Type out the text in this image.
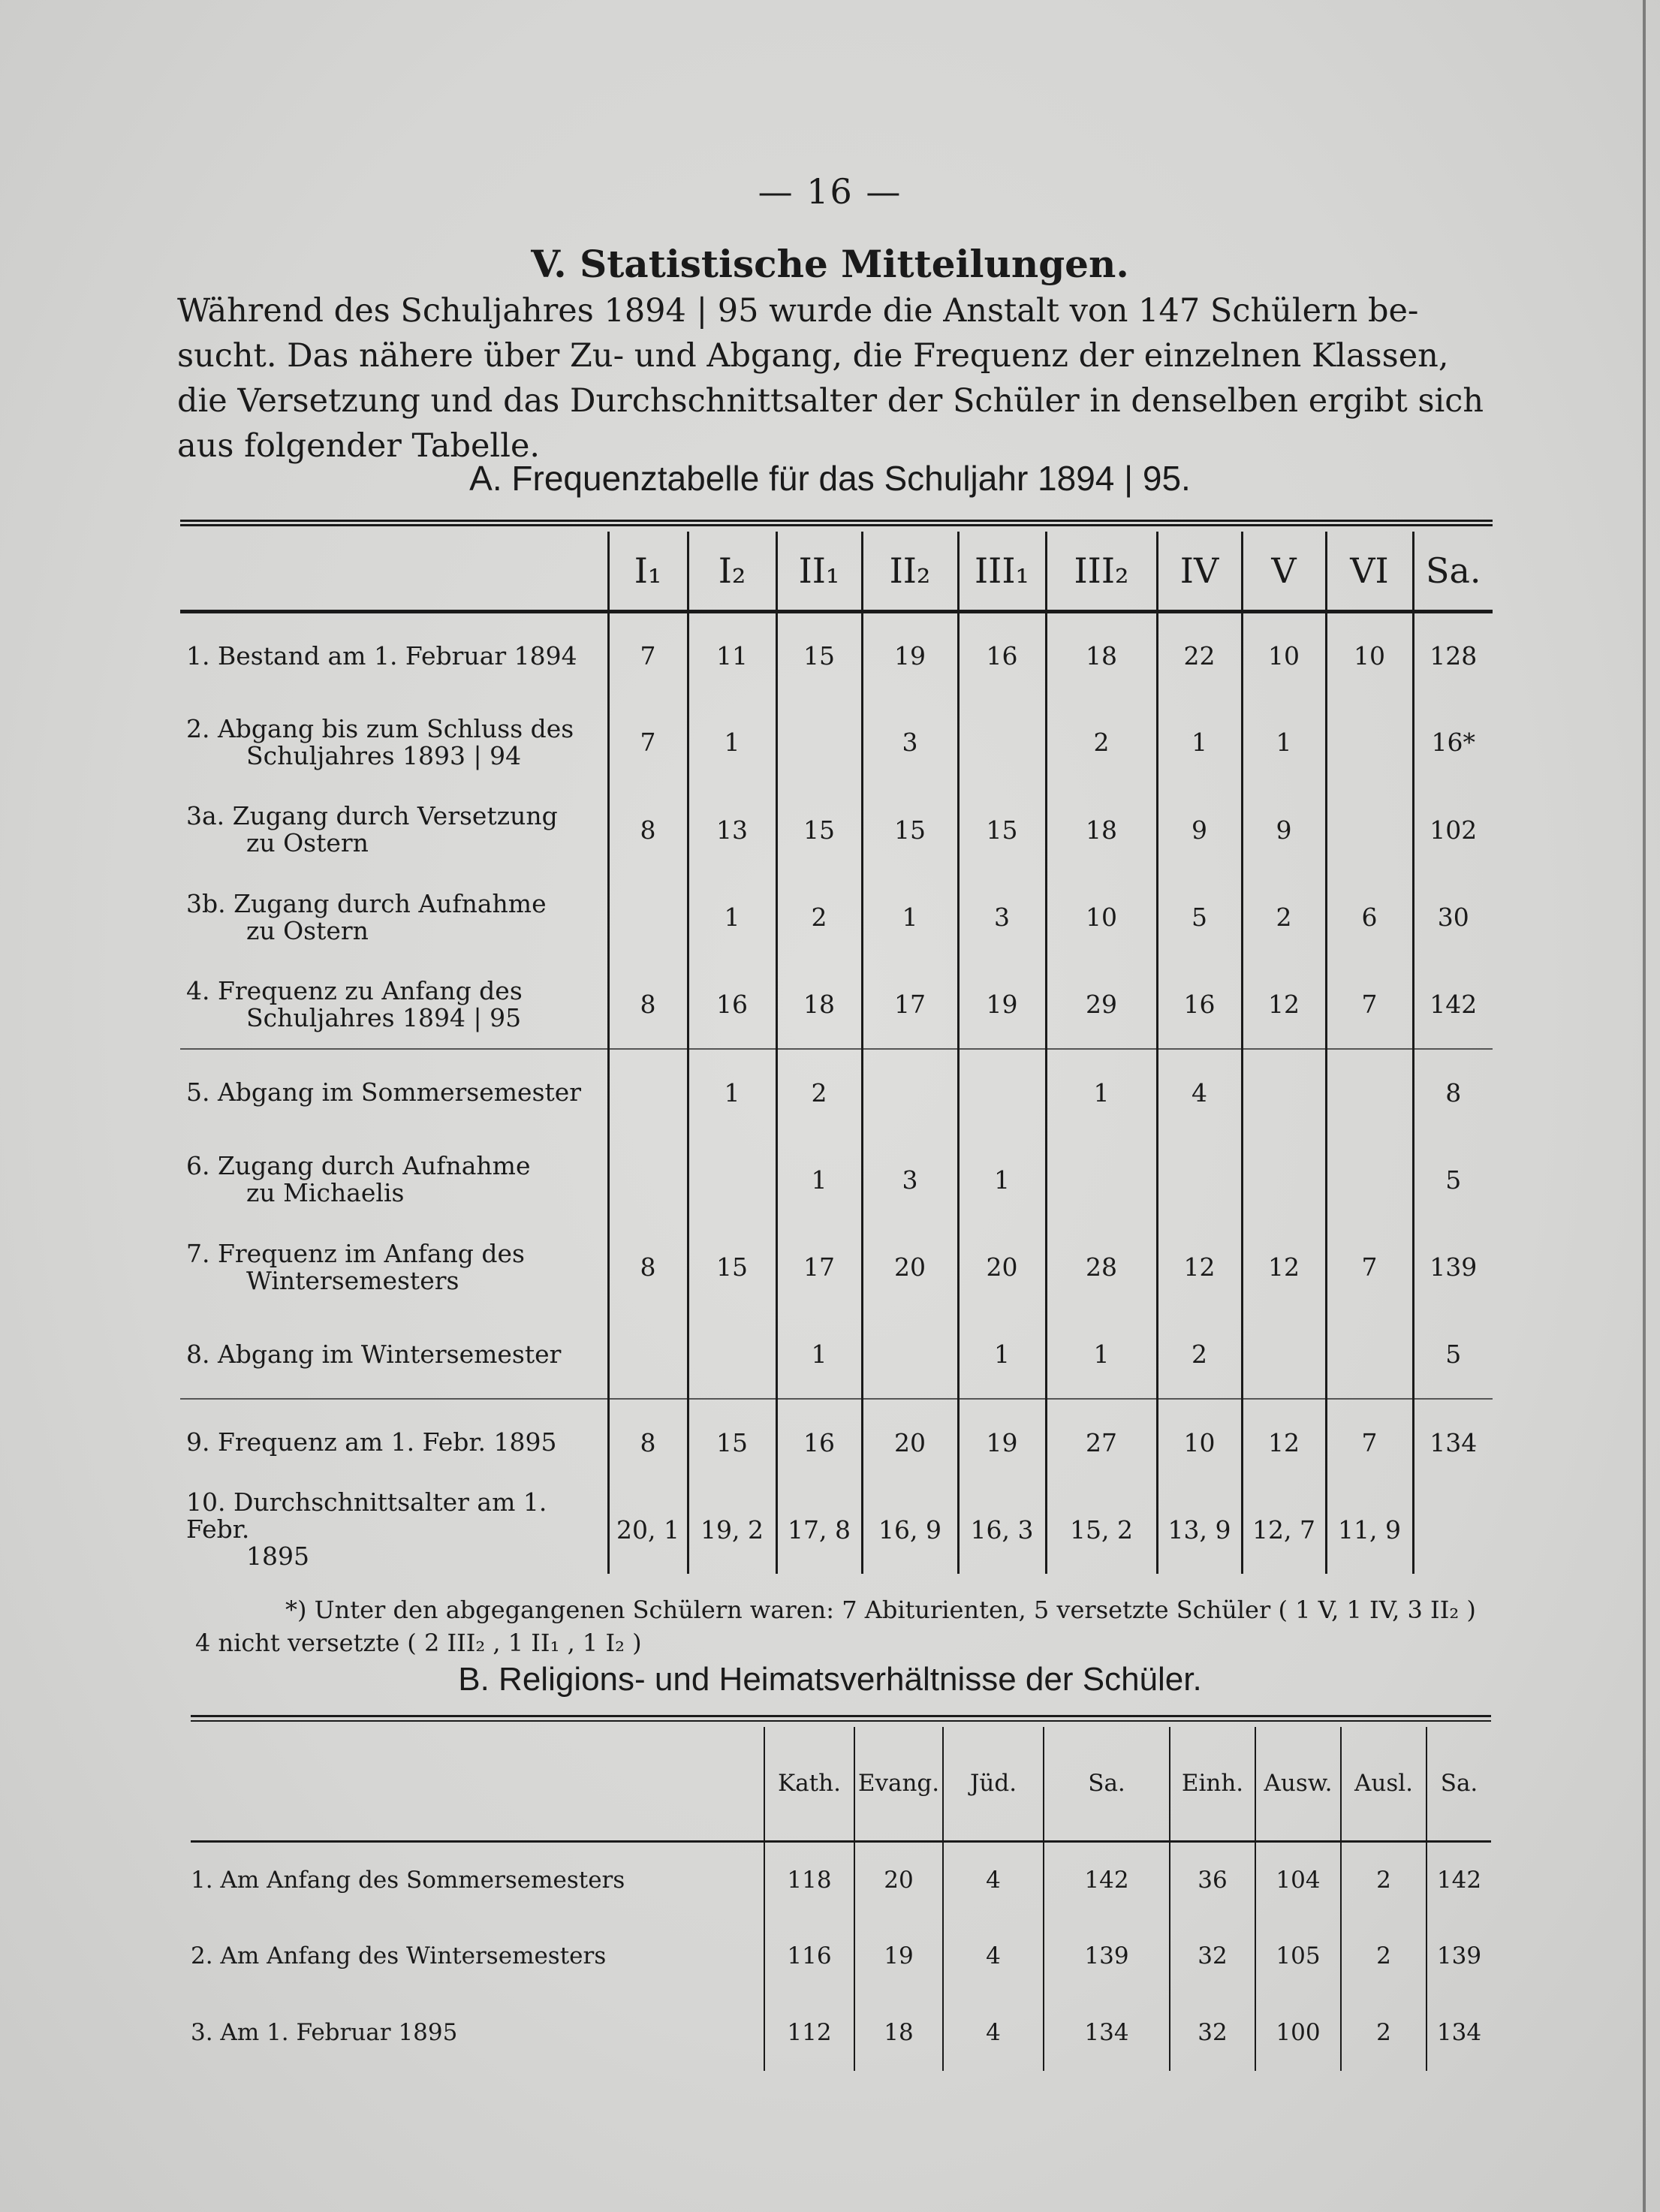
— 16 —
V. Statistische Mitteilungen.
Während des Schuljahres 1894 | 95 wurde die Anstalt von 147 Schülern be-
sucht. Das nähere über Zu- und Abgang, die Frequenz der einzelnen Klassen,
die Versetzung und das Durchschnittsalter der Schüler in denselben ergibt sich
aus folgender Tabelle.
A. Frequenztabelle für das Schuljahr 1894 | 95.
	I₁	I₂	II₁	II₂	III₁	III₂	IV	V	VI	Sa.

1. Bestand am 1. Februar 1894	7	11	15	19	16	18	22	10	10	128

2. Abgang bis zum Schluss des
Schuljahres 1893 | 94	7	1		3		2	1	1		16*

3a. Zugang durch Versetzung
zu Ostern	8	13	15	15	15	18	9	9		102

3b. Zugang durch Aufnahme
zu Ostern		1	2	1	3	10	5	2	6	30

4. Frequenz zu Anfang des
Schuljahres 1894 | 95	8	16	18	17	19	29	16	12	7	142

5. Abgang im Sommersemester		1	2			1	4			8

6. Zugang durch Aufnahme
zu Michaelis			1	3	1					5

7. Frequenz im Anfang des
Wintersemesters	8	15	17	20	20	28	12	12	7	139

8. Abgang im Wintersemester			1		1	1	2			5

9. Frequenz am 1. Febr. 1895	8	15	16	20	19	27	10	12	7	134

10. Durchschnittsalter am 1. Febr.
1895	20, 1	19, 2	17, 8	16, 9	16, 3	15, 2	13, 9	12, 7	11, 9	
*) Unter den abgegangenen Schülern waren: 7 Abiturienten, 5 versetzte Schüler ( 1 V, 1 IV, 3 II₂ )
4 nicht versetzte ( 2 III₂ , 1 II₁ , 1 I₂ )
B. Religions- und Heimatsverhältnisse der Schüler.
	Kath.	Evang.	Jüd.	Sa.	Einh.	Ausw.	Ausl.	Sa.
1. Am Anfang des Sommersemesters	118	20	4	142	36	104	2	142
2. Am Anfang des Wintersemesters	116	19	4	139	32	105	2	139
3. Am 1. Februar 1895	112	18	4	134	32	100	2	134
